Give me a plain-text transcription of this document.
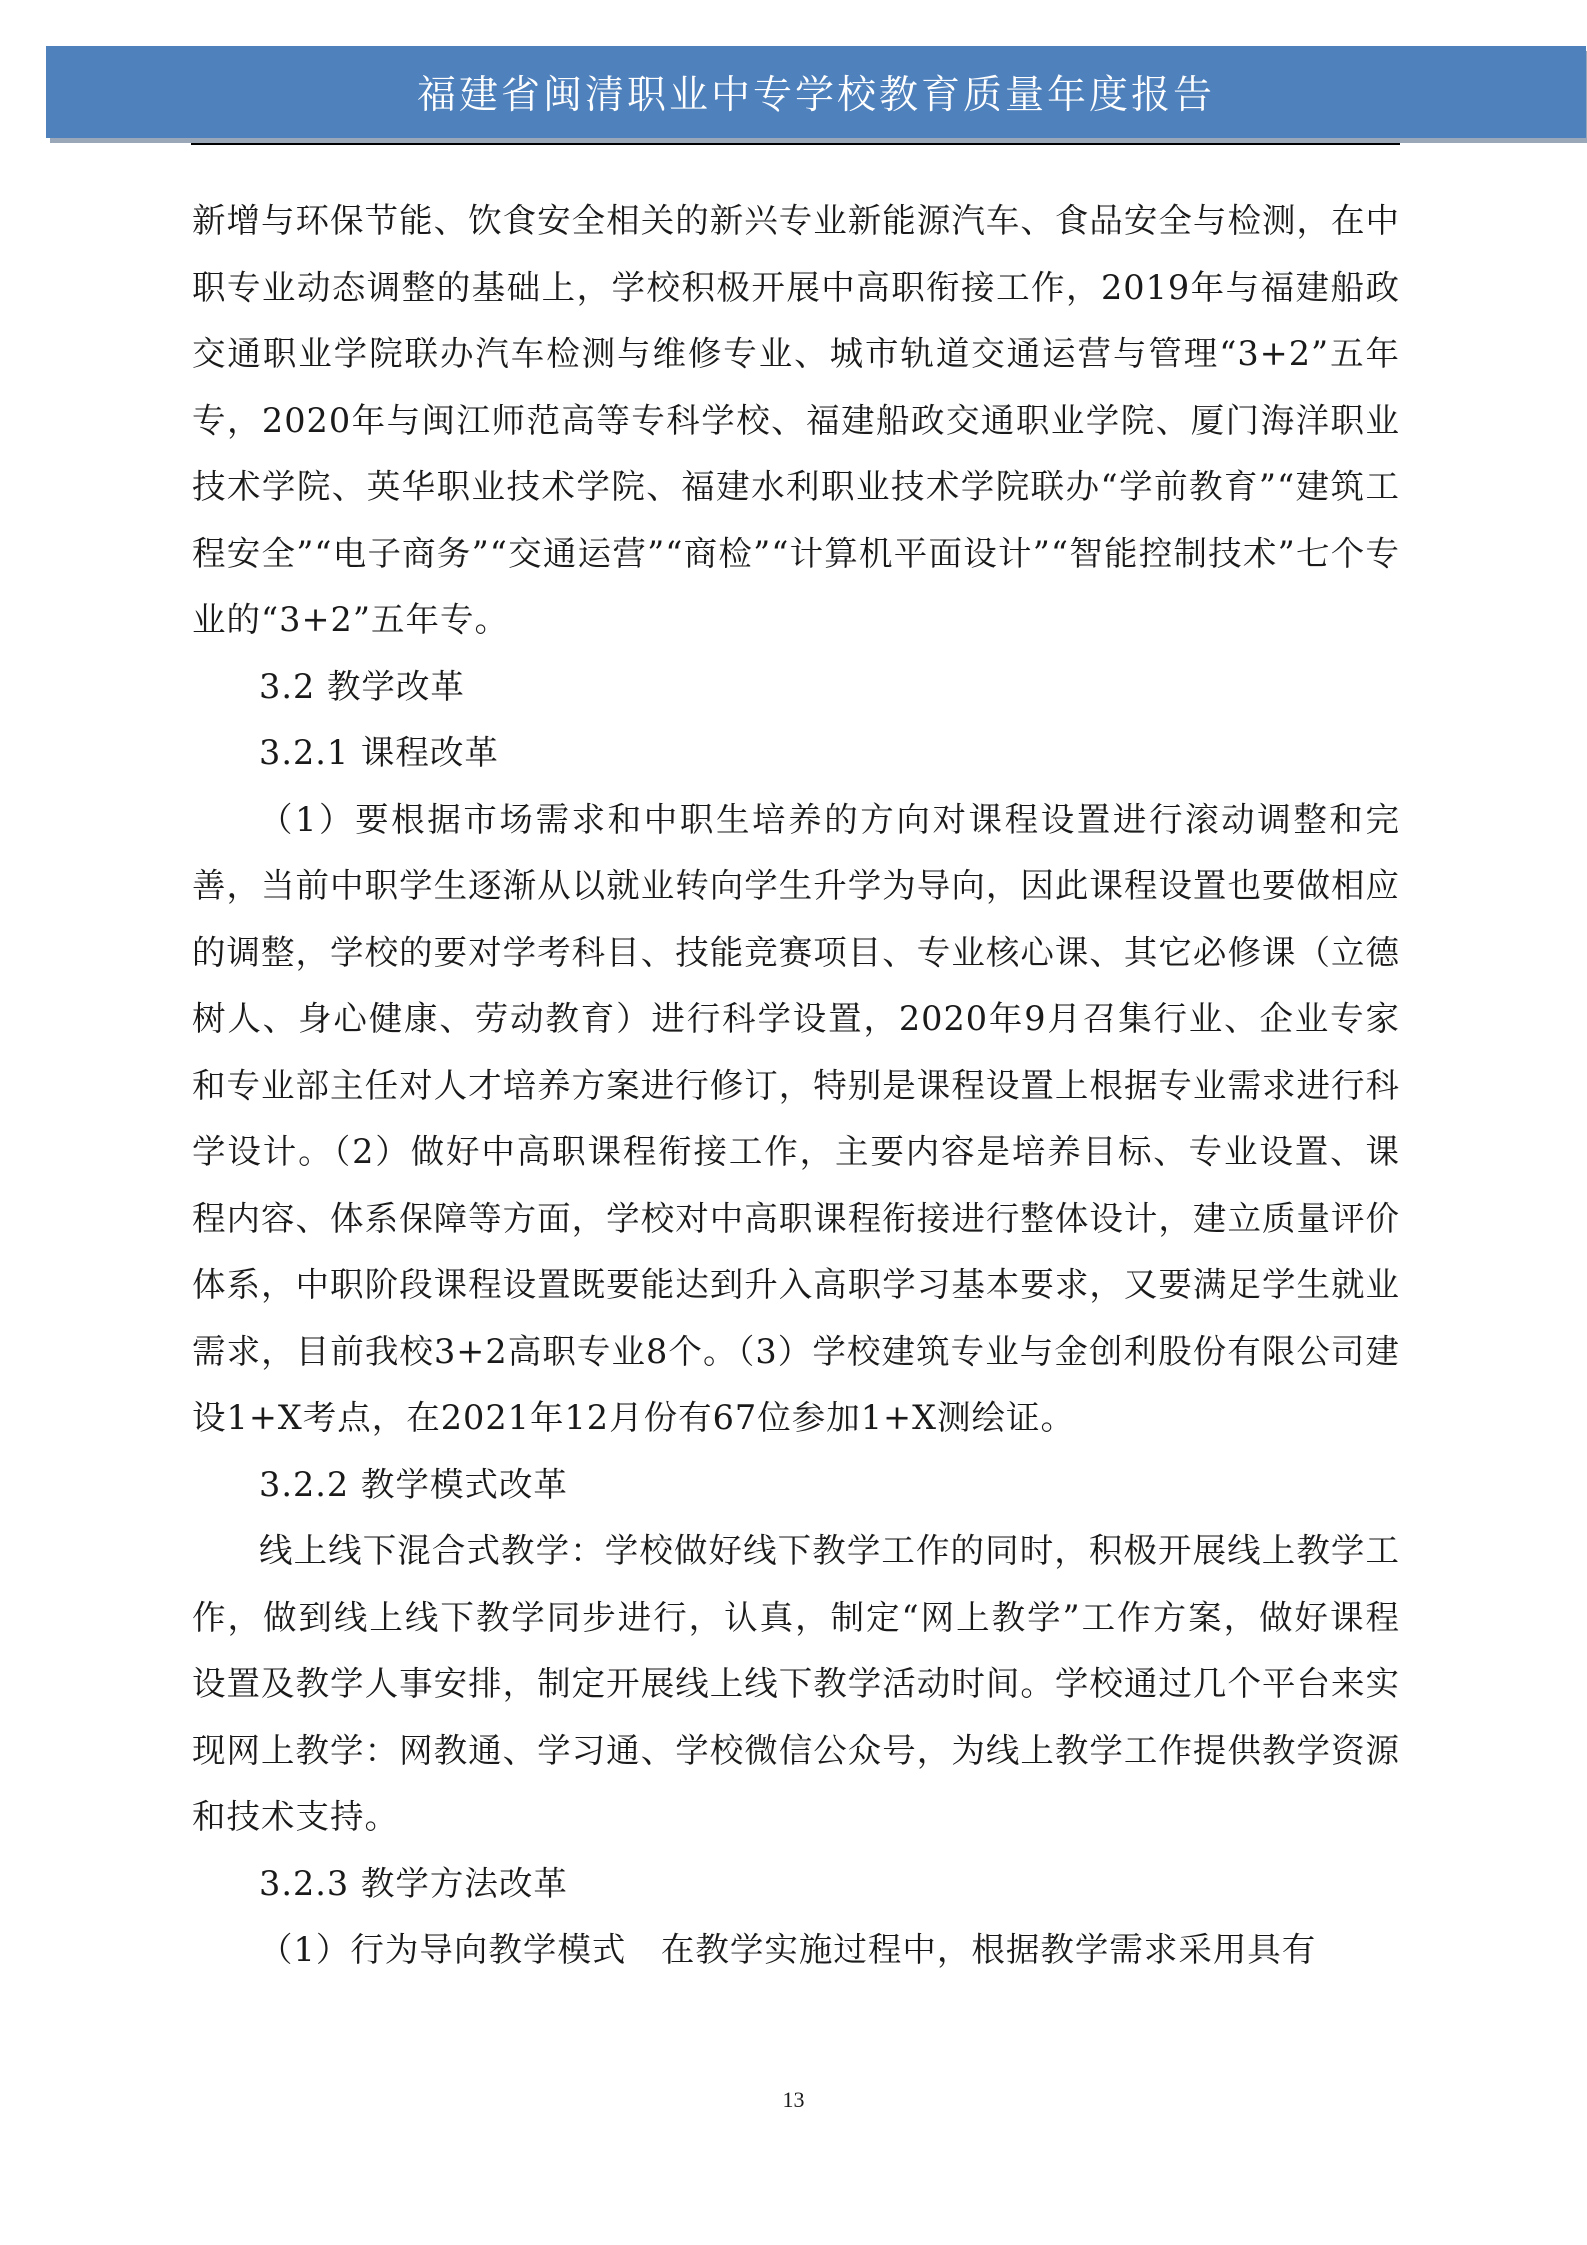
福建省闽清职业中专学校教育质量年度报告

新增与环保节能、饮食安全相关的新兴专业新能源汽车、食品安全与检测，在中职专业动态调整的基础上，学校积极开展中高职衔接工作，2019年与福建船政交通职业学院联办汽车检测与维修专业、城市轨道交通运营与管理“3+2”五年专，2020年与闽江师范高等专科学校、福建船政交通职业学院、厦门海洋职业技术学院、英华职业技术学院、福建水利职业技术学院联办“学前教育”“建筑工程安全”“电子商务”“交通运营”“商检”“计算机平面设计”“智能控制技术”七个专业的“3+2”五年专。

3.2 教学改革

3.2.1 课程改革

（1）要根据市场需求和中职生培养的方向对课程设置进行滚动调整和完善，当前中职学生逐渐从以就业转向学生升学为导向，因此课程设置也要做相应的调整，学校的要对学考科目、技能竞赛项目、专业核心课、其它必修课（立德树人、身心健康、劳动教育）进行科学设置，2020年9月召集行业、企业专家和专业部主任对人才培养方案进行修订，特别是课程设置上根据专业需求进行科学设计。（2）做好中高职课程衔接工作，主要内容是培养目标、专业设置、课程内容、体系保障等方面，学校对中高职课程衔接进行整体设计，建立质量评价体系，中职阶段课程设置既要能达到升入高职学习基本要求，又要满足学生就业需求，目前我校3+2高职专业8个。（3）学校建筑专业与金创利股份有限公司建设1+X考点，在2021年12月份有67位参加1+X测绘证。

3.2.2 教学模式改革

线上线下混合式教学：学校做好线下教学工作的同时，积极开展线上教学工作，做到线上线下教学同步进行，认真，制定“网上教学”工作方案，做好课程设置及教学人事安排，制定开展线上线下教学活动时间。学校通过几个平台来实现网上教学：网教通、学习通、学校微信公众号，为线上教学工作提供教学资源和技术支持。

3.2.3 教学方法改革

（1）行为导向教学模式　在教学实施过程中，根据教学需求采用具有

13
